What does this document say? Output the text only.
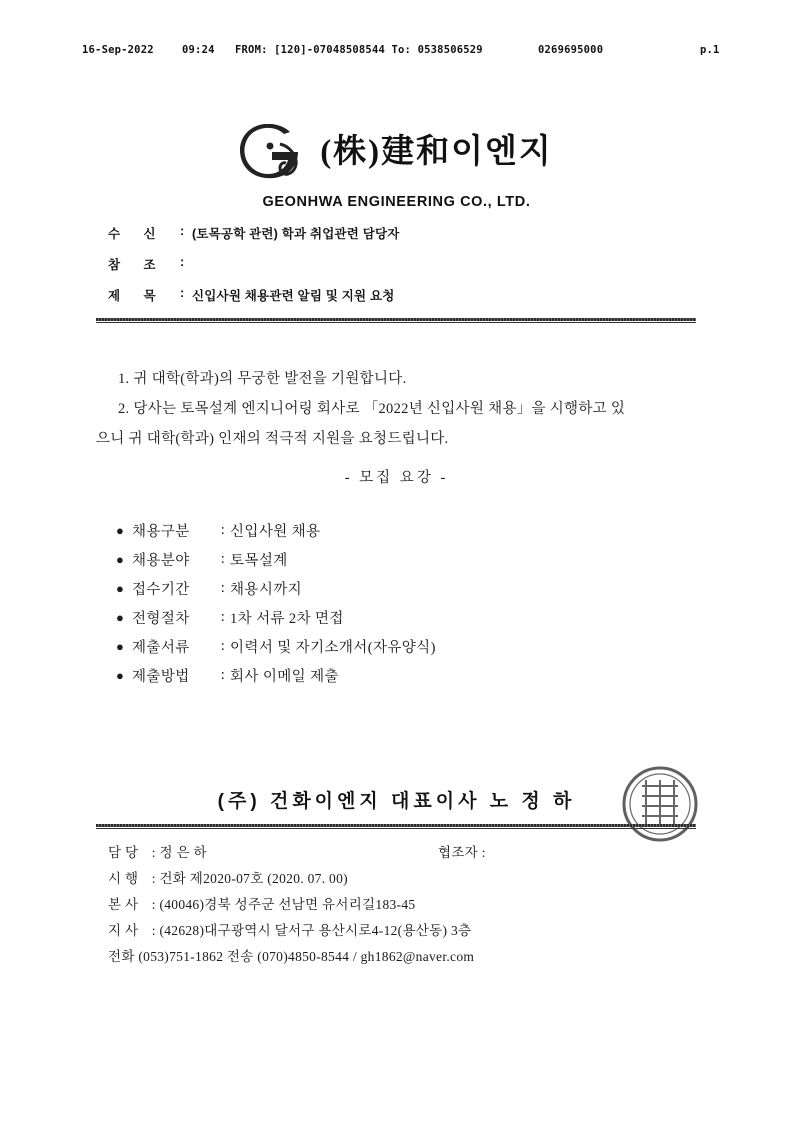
16-Sep-2022	09:24 FROM: [120]-07048508544 To: 0538506529	0269695000	p.1
(株)建和이엔지
GEONHWA ENGINEERING CO., LTD.
수 신	: (토목공학 관련) 학과 취업관련 담당자
참 조	:
제 목	: 신입사원 채용관련 알림 및 지원 요청

1. 귀 대학(학과)의 무궁한 발전을 기원합니다.

2. 당사는 토목설계 엔지니어링 회사로 「2022년 신입사원 채용」을 시행하고 있

으니 귀 대학(학과) 인재의 적극적 지원을 요청드립니다.

- 모집 요강 -
● 채용구분	: 신입사원 채용
● 채용분야	: 토목설계
● 접수기간	: 채용시까지
● 전형절차	: 1차 서류 2차 면접
● 제출서류	: 이력서 및 자기소개서(자유양식)
● 제출방법	: 회사 이메일 제출
(주) 건화이엔지 대표이사 노 정 하
담 당 : 정 은 하	협조자 :
시 행 : 건화 제2020-07호 (2020. 07. 00)
본 사 : (40046)경북 성주군 선남면 유서리길183-45
지 사 : (42628)대구광역시 달서구 용산시로4-12(용산동) 3층
전화 (053)751-1862 전송 (070)4850-8544 / gh1862@naver.com
